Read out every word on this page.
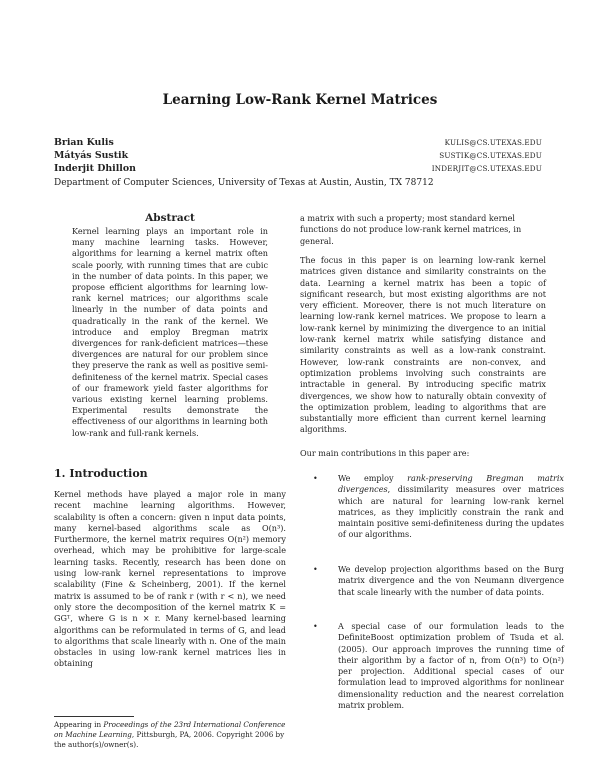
Learning Low-Rank Kernel Matrices
Brian Kulis	KULIS@CS.UTEXAS.EDU
Mátyás Sustik	SUSTIK@CS.UTEXAS.EDU
Inderjit Dhillon	INDERJIT@CS.UTEXAS.EDU
Department of Computer Sciences, University of Texas at Austin, Austin, TX 78712
Abstract
Kernel learning plays an important role in many machine learning tasks. However, algorithms for learning a kernel matrix often scale poorly, with running times that are cubic in the number of data points. In this paper, we propose efficient algorithms for learning low-rank kernel matrices; our algorithms scale linearly in the number of data points and quadratically in the rank of the kernel. We introduce and employ Bregman matrix divergences for rank-deficient matrices—these divergences are natural for our problem since they preserve the rank as well as positive semi-definiteness of the kernel matrix. Special cases of our framework yield faster algorithms for various existing kernel learning problems. Experimental results demonstrate the effectiveness of our algorithms in learning both low-rank and full-rank kernels.
1. Introduction
Kernel methods have played a major role in many recent machine learning algorithms. However, scalability is often a concern: given n input data points, many kernel-based algorithms scale as O(n³). Furthermore, the kernel matrix requires O(n²) memory overhead, which may be prohibitive for large-scale learning tasks. Recently, research has been done on using low-rank kernel representations to improve scalability (Fine & Scheinberg, 2001). If the kernel matrix is assumed to be of rank r (with r < n), we need only store the decomposition of the kernel matrix K = GGᵀ, where G is n × r. Many kernel-based learning algorithms can be reformulated in terms of G, and lead to algorithms that scale linearly with n. One of the main obstacles in using low-rank kernel matrices lies in obtaining
Appearing in Proceedings of the 23rd International Conference on Machine Learning, Pittsburgh, PA, 2006. Copyright 2006 by the author(s)/owner(s).
a matrix with such a property; most standard kernel functions do not produce low-rank kernel matrices, in general.
The focus in this paper is on learning low-rank kernel matrices given distance and similarity constraints on the data. Learning a kernel matrix has been a topic of significant research, but most existing algorithms are not very efficient. Moreover, there is not much literature on learning low-rank kernel matrices. We propose to learn a low-rank kernel by minimizing the divergence to an initial low-rank kernel matrix while satisfying distance and similarity constraints as well as a low-rank constraint. However, low-rank constraints are non-convex, and optimization problems involving such constraints are intractable in general. By introducing specific matrix divergences, we show how to naturally obtain convexity of the optimization problem, leading to algorithms that are substantially more efficient than current kernel learning algorithms.
Our main contributions in this paper are:
•
We employ rank-preserving Bregman matrix divergences, dissimilarity measures over matrices which are natural for learning low-rank kernel matrices, as they implicitly constrain the rank and maintain positive semi-definiteness during the updates of our algorithms.
•
We develop projection algorithms based on the Burg matrix divergence and the von Neumann divergence that scale linearly with the number of data points.
•
A special case of our formulation leads to the DefiniteBoost optimization problem of Tsuda et al. (2005). Our approach improves the running time of their algorithm by a factor of n, from O(n³) to O(n²) per projection. Additional special cases of our formulation lead to improved algorithms for nonlinear dimensionality reduction and the nearest correlation matrix problem.
